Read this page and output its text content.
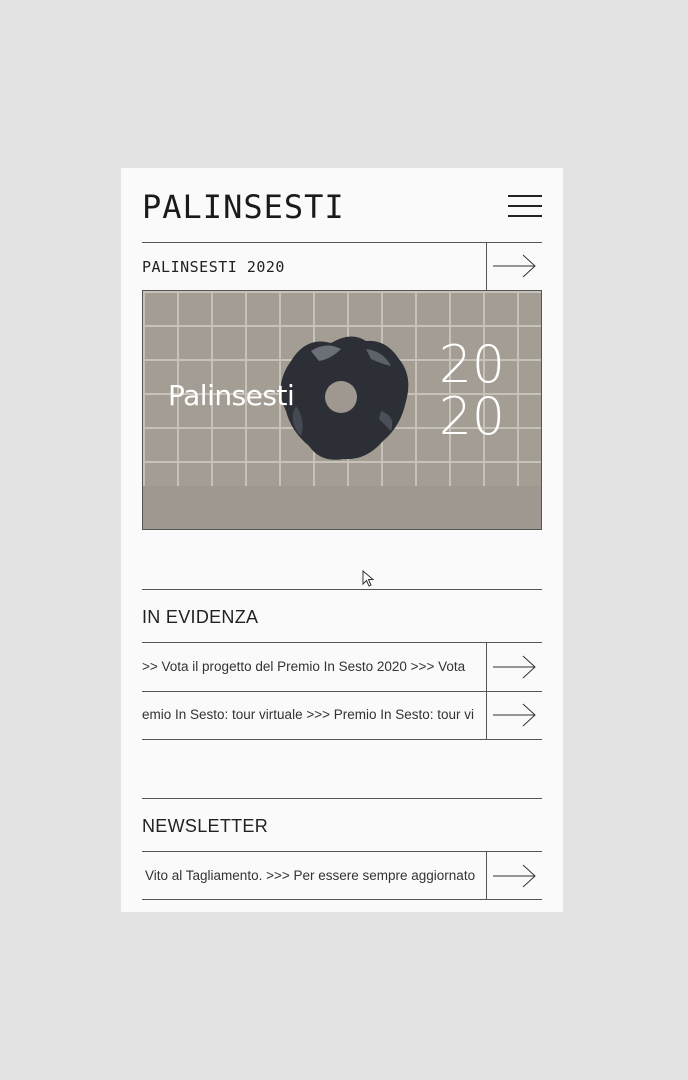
PALINSESTI
PALINSESTI 2020
Palinsesti
20
20
IN EVIDENZA
>> Vota il progetto del Premio In Sesto 2020 >>> Vota
emio In Sesto: tour virtuale >>> Premio In Sesto: tour vi
NEWSLETTER
Vito al Tagliamento. >>> Per essere sempre aggiornato
